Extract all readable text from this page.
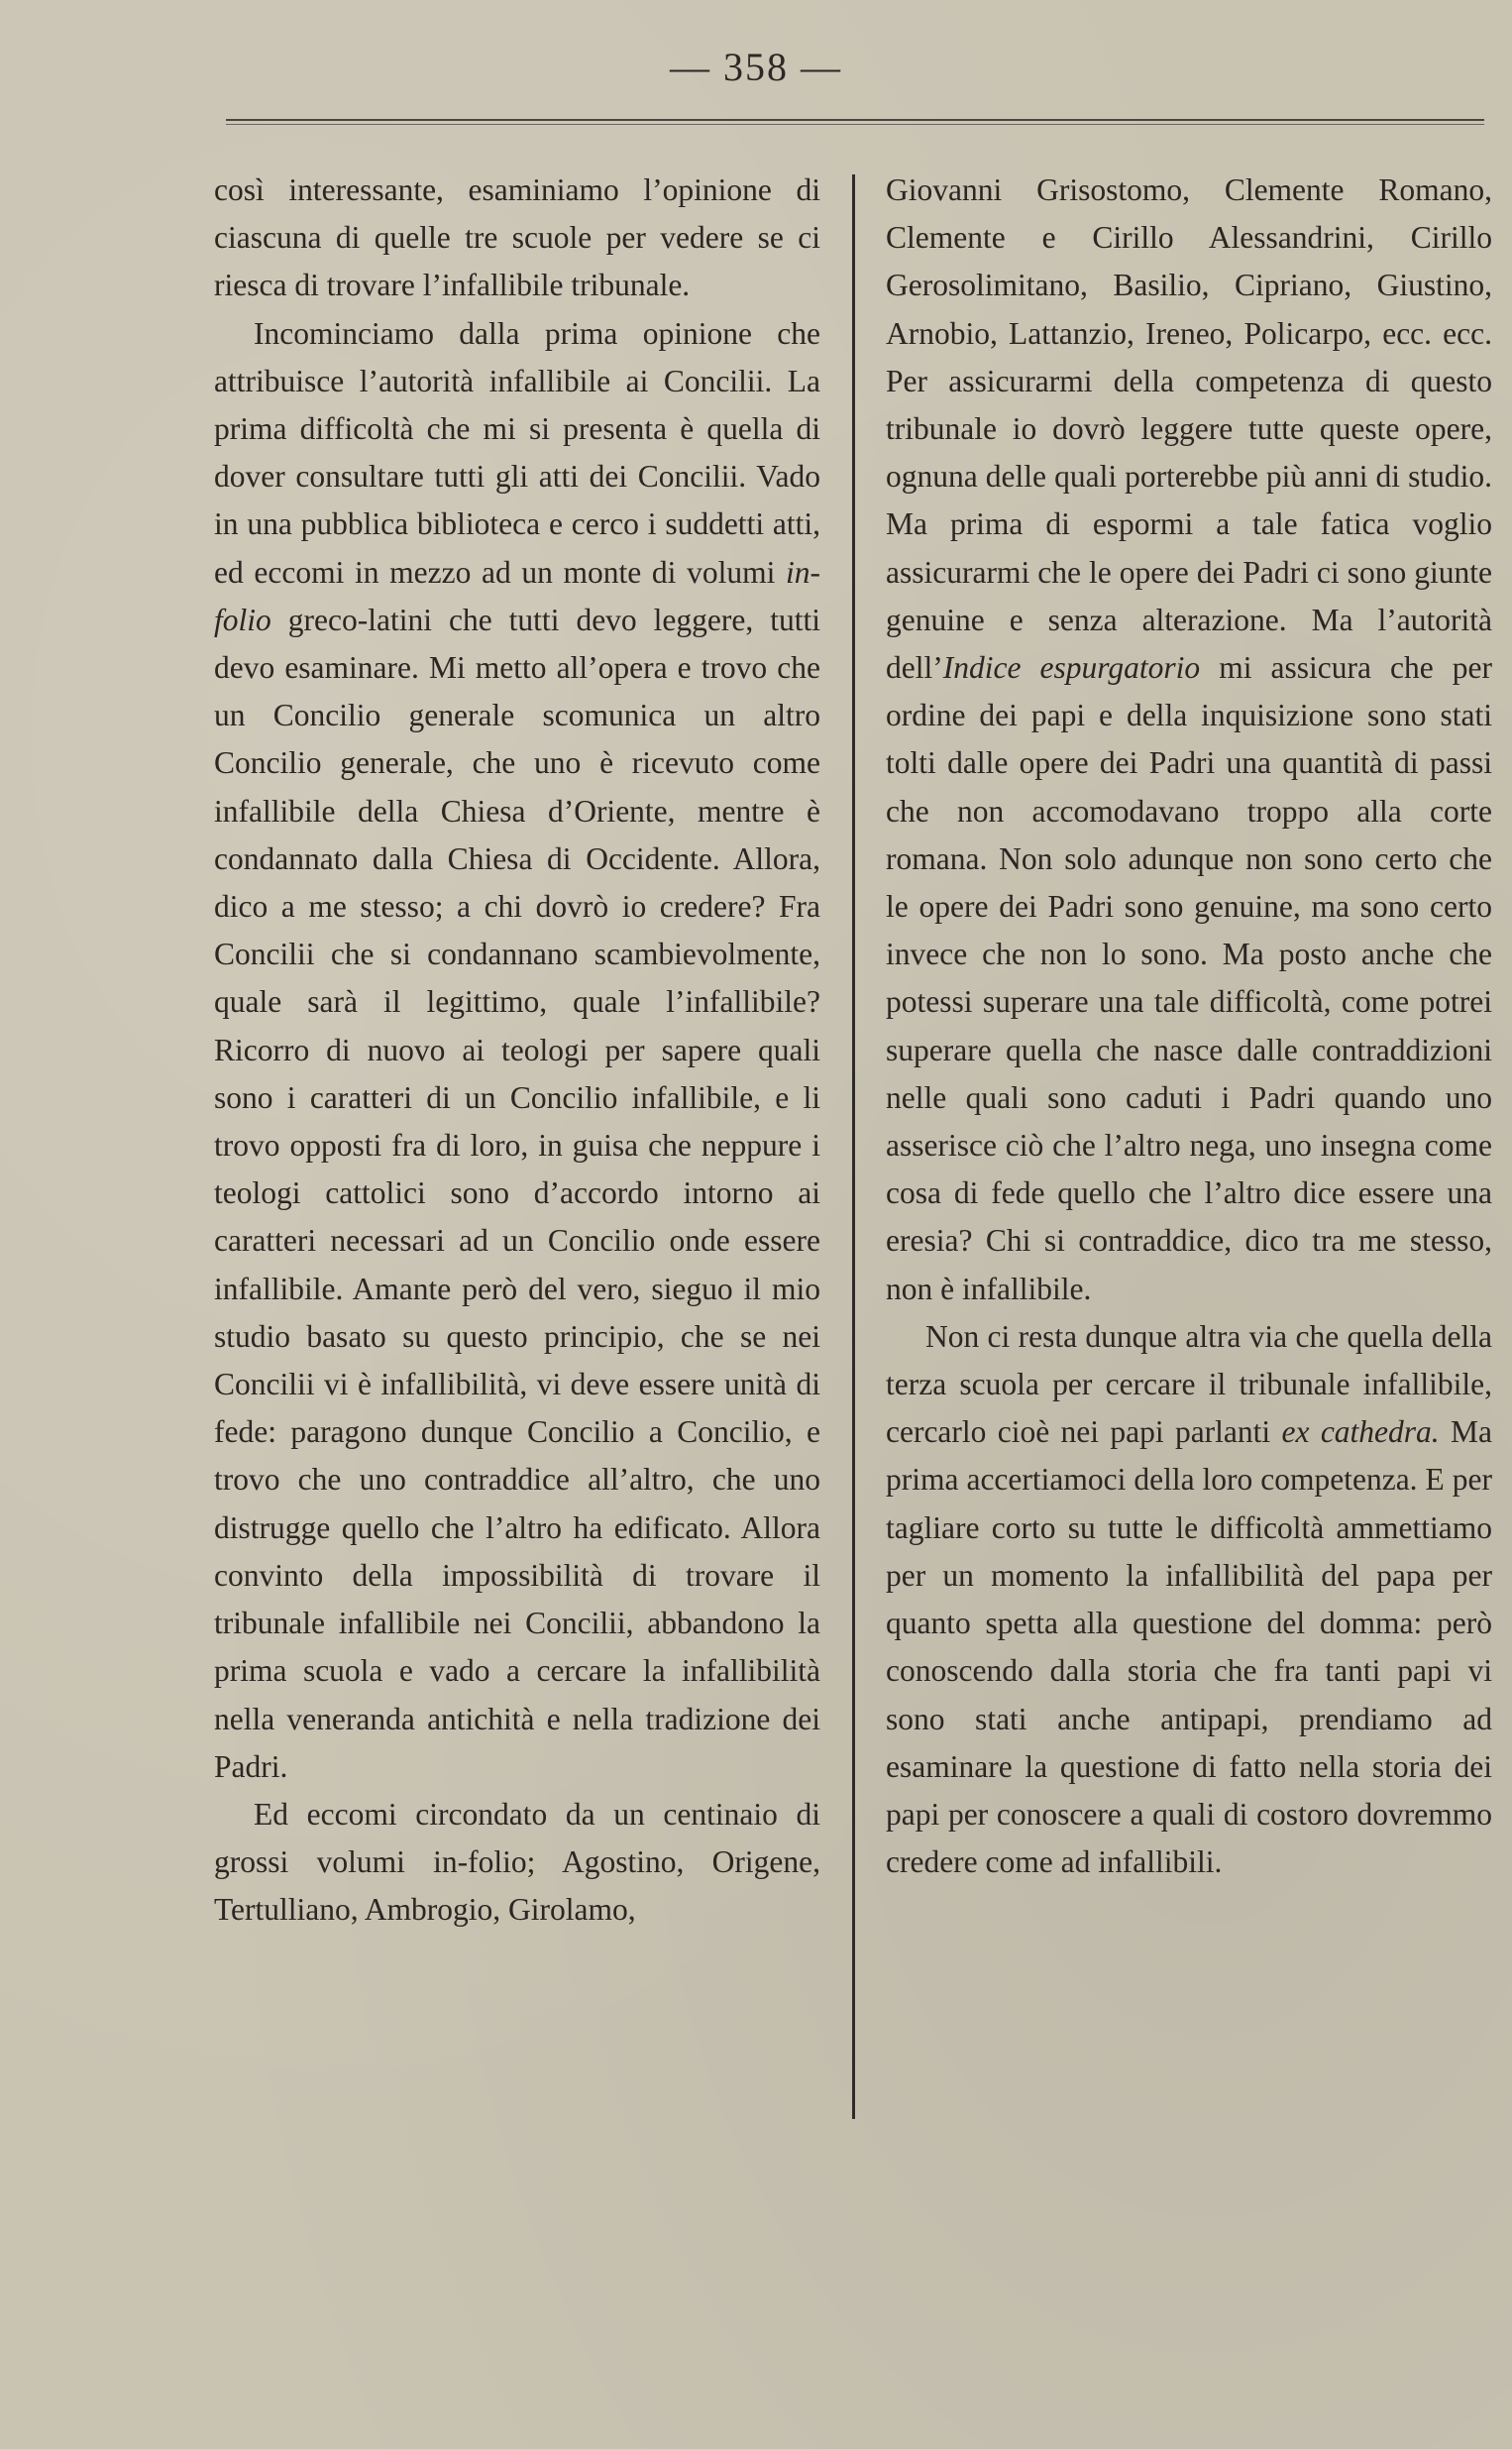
— 358 —

così interessante, esaminiamo l’opinione di ciascuna di quelle tre scuole per vedere se ci riesca di trovare l’infallibile tribunale.

Incominciamo dalla prima opinione che attribuisce l’autorità infallibile ai Concilii. La prima difficoltà che mi si presenta è quella di dover consultare tutti gli atti dei Concilii. Vado in una pubblica biblioteca e cerco i suddetti atti, ed eccomi in mezzo ad un monte di volumi in-folio greco-latini che tutti devo leggere, tutti devo esaminare. Mi metto all’opera e trovo che un Concilio generale scomunica un altro Concilio generale, che uno è ricevuto come infallibile della Chiesa d’Oriente, mentre è condannato dalla Chiesa di Occidente. Allora, dico a me stesso; a chi dovrò io credere? Fra Concilii che si condannano scambievolmente, quale sarà il legittimo, quale l’infallibile? Ricorro di nuovo ai teologi per sapere quali sono i caratteri di un Concilio infallibile, e li trovo opposti fra di loro, in guisa che neppure i teologi cattolici sono d’accordo intorno ai caratteri necessari ad un Concilio onde essere infallibile. Amante però del vero, sieguo il mio studio basato su questo principio, che se nei Concilii vi è infallibilità, vi deve essere unità di fede: paragono dunque Concilio a Concilio, e trovo che uno contraddice all’altro, che uno distrugge quello che l’altro ha edificato. Allora convinto della impossibilità di trovare il tribunale infallibile nei Concilii, abbandono la prima scuola e vado a cercare la infallibilità nella veneranda antichità e nella tradizione dei Padri.

Ed eccomi circondato da un centinaio di grossi volumi in-folio; Agostino, Origene, Tertulliano, Ambrogio, Girolamo,

Giovanni Grisostomo, Clemente Romano, Clemente e Cirillo Alessandrini, Cirillo Gerosolimitano, Basilio, Cipriano, Giustino, Arnobio, Lattanzio, Ireneo, Policarpo, ecc. ecc. Per assicurarmi della competenza di questo tribunale io dovrò leggere tutte queste opere, ognuna delle quali porterebbe più anni di studio. Ma prima di espormi a tale fatica voglio assicurarmi che le opere dei Padri ci sono giunte genuine e senza alterazione. Ma l’autorità dell’Indice espurgatorio mi assicura che per ordine dei papi e della inquisizione sono stati tolti dalle opere dei Padri una quantità di passi che non accomodavano troppo alla corte romana. Non solo adunque non sono certo che le opere dei Padri sono genuine, ma sono certo invece che non lo sono. Ma posto anche che potessi superare una tale difficoltà, come potrei superare quella che nasce dalle contraddizioni nelle quali sono caduti i Padri quando uno asserisce ciò che l’altro nega, uno insegna come cosa di fede quello che l’altro dice essere una eresia? Chi si contraddice, dico tra me stesso, non è infallibile.

Non ci resta dunque altra via che quella della terza scuola per cercare il tribunale infallibile, cercarlo cioè nei papi parlanti ex cathedra. Ma prima accertiamoci della loro competenza. E per tagliare corto su tutte le difficoltà ammettiamo per un momento la infallibilità del papa per quanto spetta alla questione del domma: però conoscendo dalla storia che fra tanti papi vi sono stati anche antipapi, prendiamo ad esaminare la questione di fatto nella storia dei papi per conoscere a quali di costoro dovremmo credere come ad infallibili.
